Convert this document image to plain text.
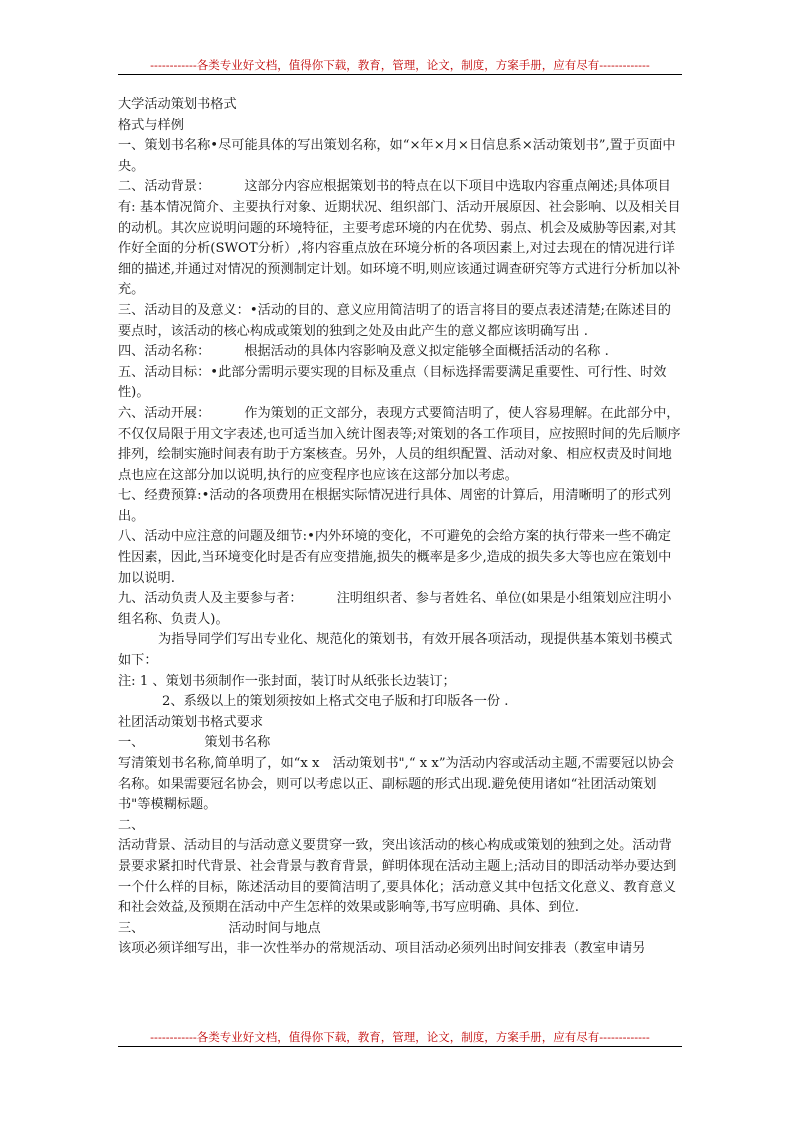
------------各类专业好文档，值得你下载，教育，管理，论文，制度，方案手册，应有尽有-------------

大学活动策划书格式

格式与样例

一、策划书名称•尽可能具体的写出策划名称，如“×年×月×日信息系×活动策划书”,置于页面中央。

二、活动背景：	这部分内容应根据策划书的特点在以下项目中选取内容重点阐述;具体项目有: 基本情况简介、主要执行对象、近期状况、组织部门、活动开展原因、社会影响、以及相关目的动机。其次应说明问题的环境特征，主要考虑环境的内在优势、弱点、机会及威胁等因素,对其作好全面的分析(SWOT分析）,将内容重点放在环境分析的各项因素上,对过去现在的情况进行详细的描述,并通过对情况的预测制定计划。如环境不明,则应该通过调查研究等方式进行分析加以补充。

三、活动目的及意义：•活动的目的、意义应用简洁明了的语言将目的要点表述清楚;在陈述目的要点时，该活动的核心构成或策划的独到之处及由此产生的意义都应该明确写出 .

四、活动名称：	根据活动的具体内容影响及意义拟定能够全面概括活动的名称 .

五、活动目标：•此部分需明示要实现的目标及重点（目标选择需要满足重要性、可行性、时效性)。

六、活动开展：	作为策划的正文部分，表现方式要简洁明了，使人容易理解。在此部分中，不仅仅局限于用文字表述,也可适当加入统计图表等;对策划的各工作项目，应按照时间的先后顺序排列，绘制实施时间表有助于方案核查。另外，人员的组织配置、活动对象、相应权责及时间地点也应在这部分加以说明,执行的应变程序也应该在这部分加以考虑。

七、经费预算:•活动的各项费用在根据实际情况进行具体、周密的计算后，用清晰明了的形式列出。

八、活动中应注意的问题及细节:•内外环境的变化，不可避免的会给方案的执行带来一些不确定

性因素，因此,当环境变化时是否有应变措施,损失的概率是多少,造成的损失多大等也应在策划中加以说明.

九、活动负责人及主要参与者：	注明组织者、参与者姓名、单位(如果是小组策划应注明小组名称、负责人)。

为指导同学们写出专业化、规范化的策划书，有效开展各项活动，现提供基本策划书模式如下：

注: 1 、策划书须制作一张封面，装订时从纸张长边装订；

2、系级以上的策划须按如上格式交电子版和打印版各一份 .

社团活动策划书格式要求

一、	策划书名称

写清策划书名称,简单明了，如“x x　活动策划书",“ x x”为活动内容或活动主题,不需要冠以协会名称。如果需要冠名协会，则可以考虑以正、副标题的形式出现.避免使用诸如“社团活动策划书"等模糊标题。

二、

活动背景、活动目的与活动意义要贯穿一致，突出该活动的核心构成或策划的独到之处。活动背景要求紧扣时代背景、社会背景与教育背景，鲜明体现在活动主题上;活动目的即活动举办要达到一个什么样的目标，陈述活动目的要简洁明了,要具体化；活动意义其中包括文化意义、教育意义和社会效益,及预期在活动中产生怎样的效果或影响等,书写应明确、具体、到位.

三、	活动时间与地点

该项必须详细写出，非一次性举办的常规活动、项目活动必须列出时间安排表（教室申请另

------------各类专业好文档，值得你下载，教育，管理，论文，制度，方案手册，应有尽有-------------
